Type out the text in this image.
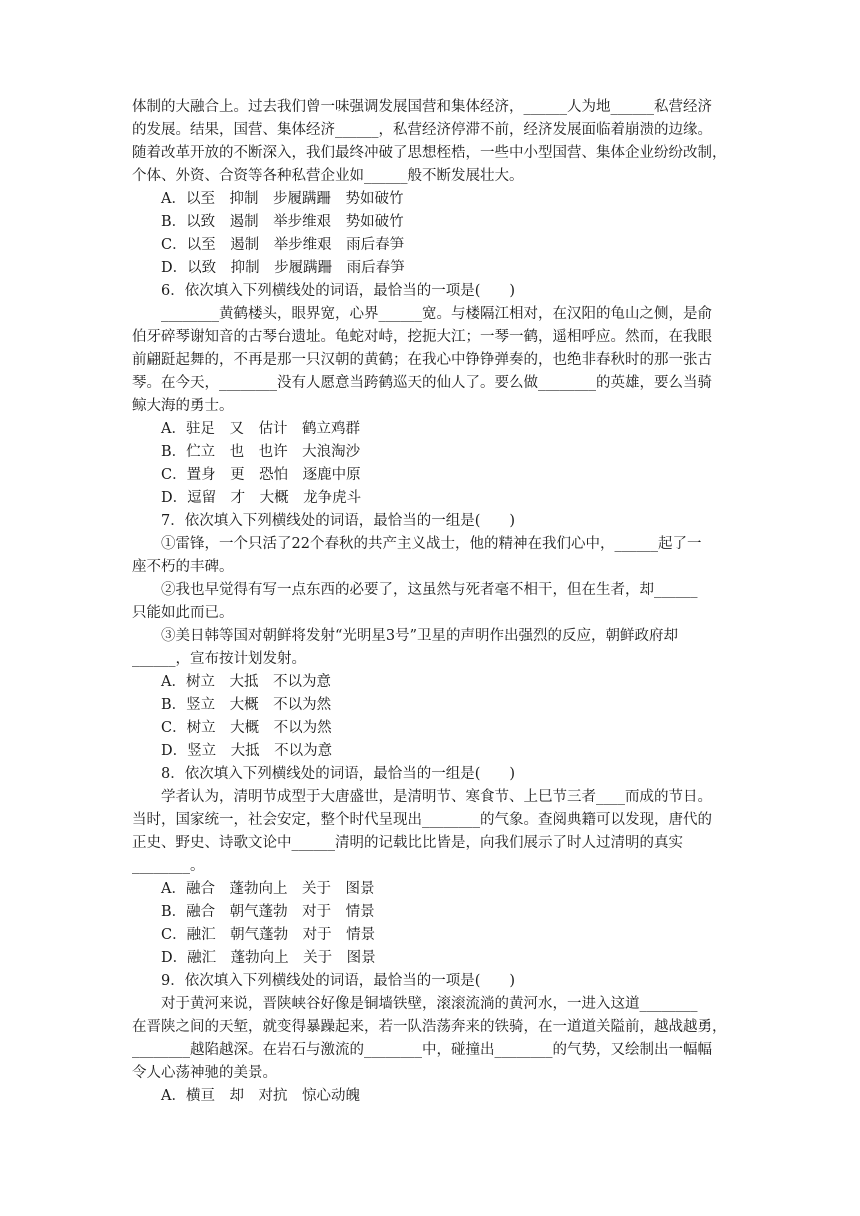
体制的大融合上。过去我们曾一味强调发展国营和集体经济，______人为地______私营经济
的发展。结果，国营、集体经济______，私营经济停滞不前，经济发展面临着崩溃的边缘。
随着改革开放的不断深入，我们最终冲破了思想桎梏，一些中小型国营、集体企业纷纷改制，
个体、外资、合资等各种私营企业如______般不断发展壮大。
A．以至　抑制　步履蹒跚　势如破竹
B．以致　遏制　举步维艰　势如破竹
C．以至　遏制　举步维艰　雨后春笋
D．以致　抑制　步履蹒跚　雨后春笋
6．依次填入下列横线处的词语，最恰当的一项是(　　)
________黄鹤楼头，眼界宽，心界______宽。与楼隔江相对，在汉阳的龟山之侧，是俞
伯牙碎琴谢知音的古琴台遗址。龟蛇对峙，挖扼大江；一琴一鹤，遥相呼应。然而，在我眼
前翩跹起舞的，不再是那一只汉朝的黄鹤；在我心中铮铮弹奏的，也绝非春秋时的那一张古
琴。在今天，________没有人愿意当跨鹤巡天的仙人了。要么做________的英雄，要么当骑
鲸大海的勇士。
A．驻足　又　估计　鹤立鸡群
B．伫立　也　也许　大浪淘沙
C．置身　更　恐怕　逐鹿中原
D．逗留　才　大概　龙争虎斗
7．依次填入下列横线处的词语，最恰当的一组是(　　)
①雷锋，一个只活了22个春秋的共产主义战士，他的精神在我们心中，______起了一
座不朽的丰碑。
②我也早觉得有写一点东西的必要了，这虽然与死者毫不相干，但在生者，却______
只能如此而已。
③美日韩等国对朝鲜将发射“光明星3号”卫星的声明作出强烈的反应，朝鲜政府却
______，宣布按计划发射。
A．树立　大抵　不以为意
B．竖立　大概　不以为然
C．树立　大概　不以为然
D．竖立　大抵　不以为意
8．依次填入下列横线处的词语，最恰当的一组是(　　)
学者认为，清明节成型于大唐盛世，是清明节、寒食节、上巳节三者____而成的节日。
当时，国家统一，社会安定，整个时代呈现出________的气象。查阅典籍可以发现，唐代的
正史、野史、诗歌文论中______清明的记载比比皆是，向我们展示了时人过清明的真实
________。
A．融合　蓬勃向上　关于　图景
B．融合　朝气蓬勃　对于　情景
C．融汇　朝气蓬勃　对于　情景
D．融汇　蓬勃向上　关于　图景
9．依次填入下列横线处的词语，最恰当的一项是(　　)
对于黄河来说，晋陕峡谷好像是铜墙铁壁，滚滚流淌的黄河水，一进入这道________
在晋陕之间的天堑，就变得暴躁起来，若一队浩荡奔来的铁骑，在一道道关隘前，越战越勇，
________越陷越深。在岩石与激流的________中，碰撞出________的气势，又绘制出一幅幅
令人心荡神驰的美景。
A．横亘　却　对抗　惊心动魄
